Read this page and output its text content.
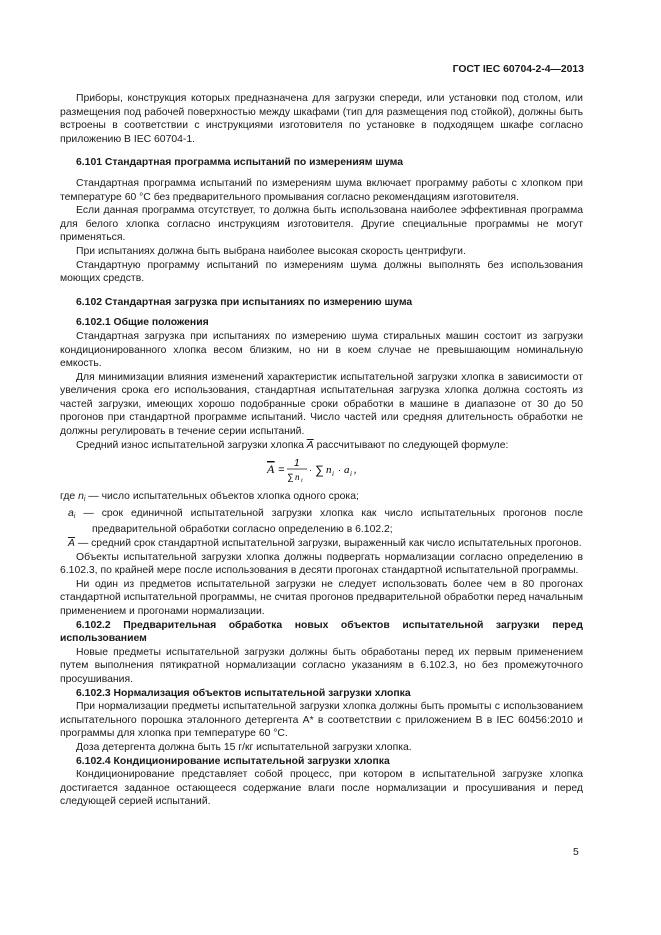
ГОСТ IEC 60704-2-4—2013

Приборы, конструкция которых предназначена для загрузки спереди, или установки под столом, или размещения под рабочей поверхностью между шкафами (тип для размещения под стойкой), должны быть встроены в соответствии с инструкциями изготовителя по установке в подходящем шкафе согласно приложению B IEC 60704-1.

6.101 Стандартная программа испытаний по измерениям шума

Стандартная программа испытаний по измерениям шума включает программу работы с хлопком при температуре 60 °C без предварительного промывания согласно рекомендациям изготовителя.

Если данная программа отсутствует, то должна быть использована наиболее эффективная программа для белого хлопка согласно инструкциям изготовителя. Другие специальные программы не могут применяться.

При испытаниях должна быть выбрана наиболее высокая скорость центрифуги.

Стандартную программу испытаний по измерениям шума должны выполнять без использования моющих средств.

6.102 Стандартная загрузка при испытаниях по измерению шума

6.102.1 Общие положения

Стандартная загрузка при испытаниях по измерению шума стиральных машин состоит из загрузки кондиционированного хлопка весом близким, но ни в коем случае не превышающим номинальную емкость.

Для минимизации влияния изменений характеристик испытательной загрузки хлопка в зависимости от увеличения срока его использования, стандартная испытательная загрузка хлопка должна состоять из частей загрузки, имеющих хорошо подобранные сроки обработки в машине в диапазоне от 30 до 50 прогонов при стандартной программе испытаний. Число частей или средняя длительность обработки не должны регулировать в течение серии испытаний.

Средний износ испытательной загрузки хлопка $\overline{A}$ рассчитывают по следующей формуле:

A =
1
∑ n i
· ∑ n i · a i ,

где $n_i$ — число испытательных объектов хлопка одного срока;

$a_i$ — срок единичной испытательной загрузки хлопка как число испытательных прогонов после предварительной обработки согласно определению в 6.102.2;

$\overline{A}$ — средний срок стандартной испытательной загрузки, выраженный как число испытательных прогонов.

Объекты испытательной загрузки хлопка должны подвергать нормализации согласно определению в 6.102.3, по крайней мере после использования в десяти прогонах стандартной испытательной программы.

Ни один из предметов испытательной загрузки не следует использовать более чем в 80 прогонах стандартной испытательной программы, не считая прогонов предварительной обработки перед начальным применением и прогонами нормализации.

6.102.2 Предварительная обработка новых объектов испытательной загрузки перед использованием

Новые предметы испытательной загрузки должны быть обработаны перед их первым применением путем выполнения пятикратной нормализации согласно указаниям в 6.102.3, но без промежуточного просушивания.

6.102.3 Нормализация объектов испытательной загрузки хлопка

При нормализации предметы испытательной загрузки хлопка должны быть промыты с использованием испытательного порошка эталонного детергента A* в соответствии с приложением B в IEC 60456:2010 и программы для хлопка при температуре 60 °C.

Доза детергента должна быть 15 г/кг испытательной загрузки хлопка.

6.102.4 Кондиционирование испытательной загрузки хлопка

Кондиционирование представляет собой процесс, при котором в испытательной загрузке хлопка достигается заданное остающееся содержание влаги после нормализации и просушивания и перед следующей серией испытаний.

5
